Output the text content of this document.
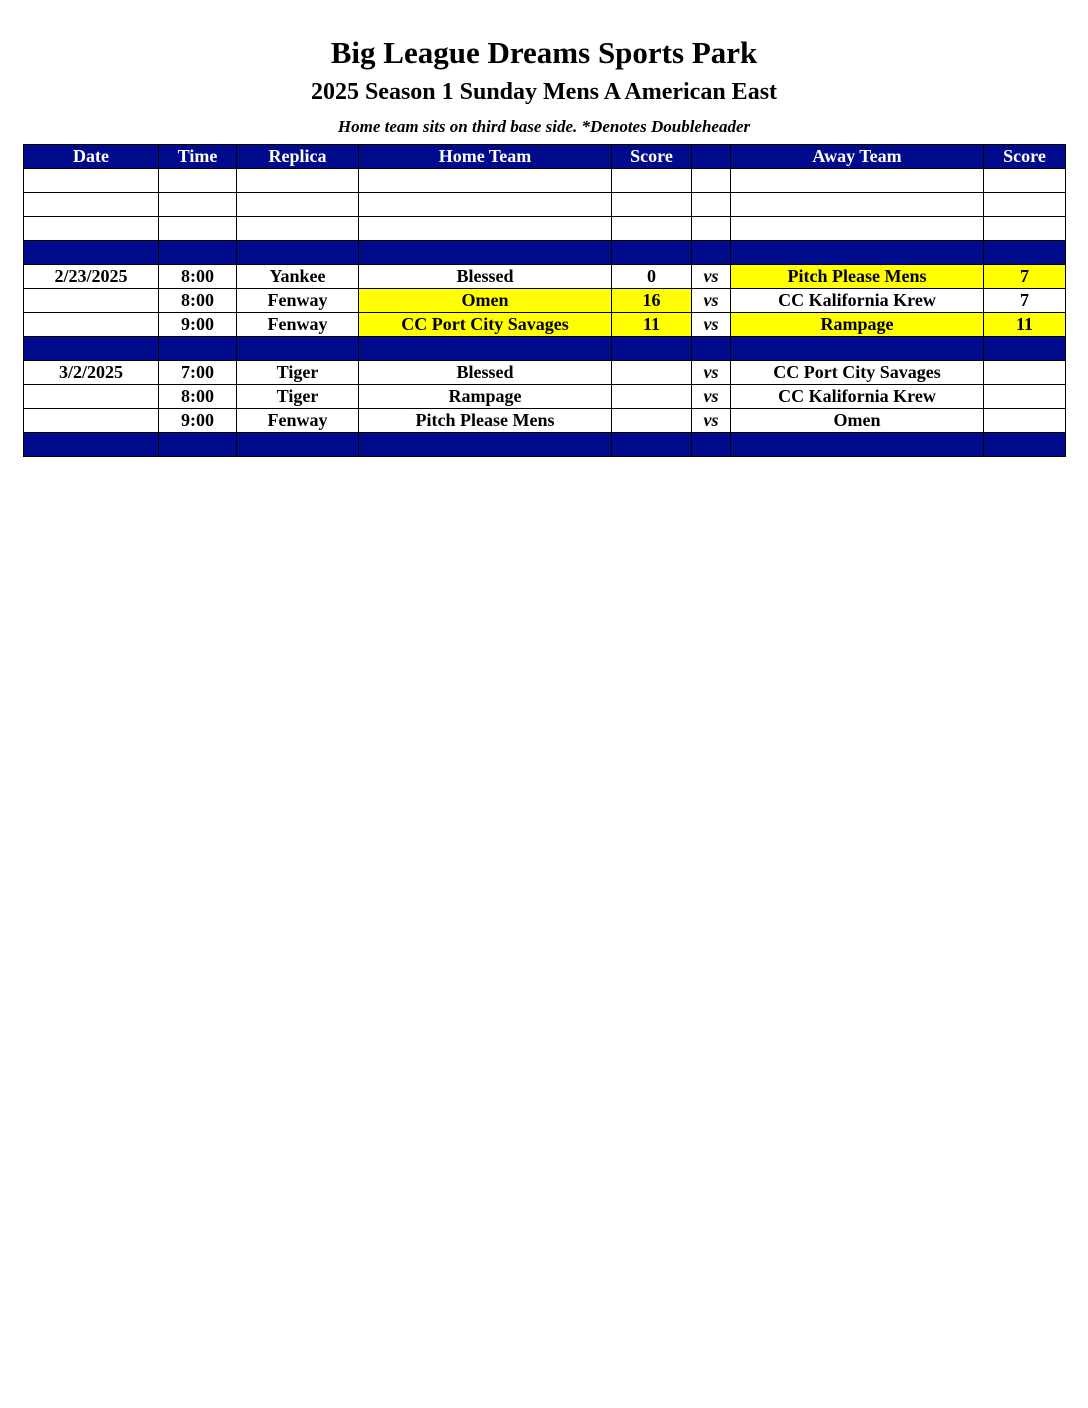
Big League Dreams Sports Park
2025 Season 1 Sunday Mens A American East
Home team sits on third base side. *Denotes Doubleheader
Date	Time	Replica	Home Team	Score		Away Team	Score

2/23/2025	8:00	Yankee	Blessed	0	vs	Pitch Please Mens	7
	8:00	Fenway	Omen	16	vs	CC Kalifornia Krew	7
	9:00	Fenway	CC Port City Savages	11	vs	Rampage	11

3/2/2025	7:00	Tiger	Blessed		vs	CC Port City Savages	
	8:00	Tiger	Rampage		vs	CC Kalifornia Krew	
	9:00	Fenway	Pitch Please Mens		vs	Omen	
